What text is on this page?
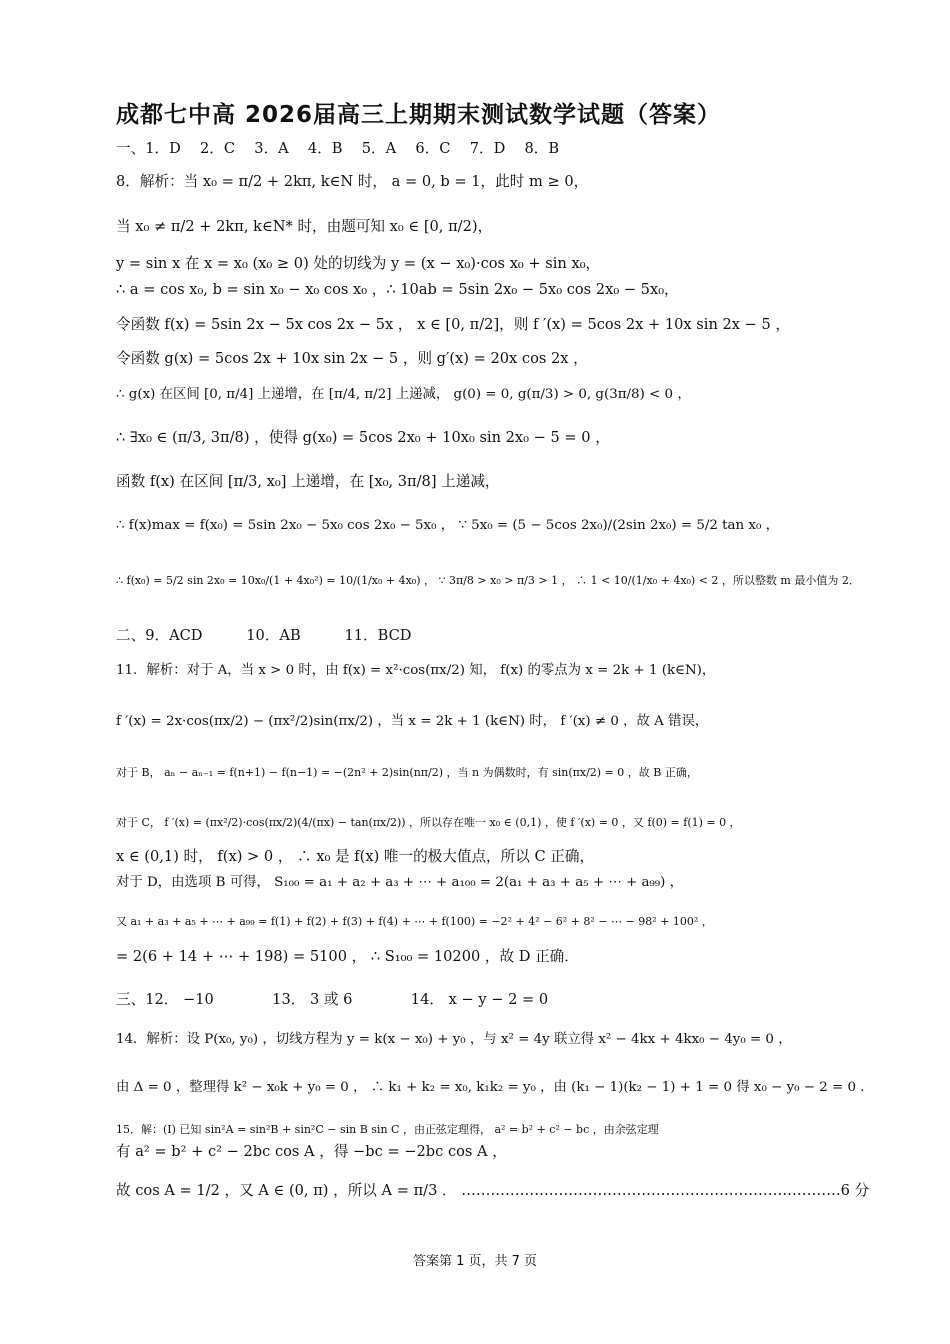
成都七中高 2026届高三上期期末测试数学试题（答案）
一、1．D　 2．C　 3．A　 4．B　 5．A　 6．C　 7．D　 8．B
8．解析：当 x₀ = π/2 + 2kπ, k∈N 时， a = 0, b = 1，此时 m ≥ 0，
当 x₀ ≠ π/2 + 2kπ, k∈N* 时，由题可知 x₀ ∈ [0, π/2)，
y = sin x 在 x = x₀ (x₀ ≥ 0) 处的切线为 y = (x − x₀)·cos x₀ + sin x₀，
∴ a = cos x₀, b = sin x₀ − x₀ cos x₀ ，∴ 10ab = 5sin 2x₀ − 5x₀ cos 2x₀ − 5x₀，
令函数 f(x) = 5sin 2x − 5x cos 2x − 5x ， x ∈ [0, π/2]，则 f ′(x) = 5cos 2x + 10x sin 2x − 5 ，
令函数 g(x) = 5cos 2x + 10x sin 2x − 5 ，则 g′(x) = 20x cos 2x ，
∴ g(x) 在区间 [0, π/4] 上递增，在 [π/4, π/2] 上递减， g(0) = 0, g(π/3) > 0, g(3π/8) < 0 ，
∴ ∃x₀ ∈ (π/3, 3π/8) ，使得 g(x₀) = 5cos 2x₀ + 10x₀ sin 2x₀ − 5 = 0 ，
函数 f(x) 在区间 [π/3, x₀] 上递增，在 [x₀, 3π/8] 上递减，
∴ f(x)max = f(x₀) = 5sin 2x₀ − 5x₀ cos 2x₀ − 5x₀ ， ∵ 5x₀ = (5 − 5cos 2x₀)/(2sin 2x₀) = 5/2 tan x₀ ，
∴ f(x₀) = 5/2 sin 2x₀ = 10x₀/(1 + 4x₀²) = 10/(1/x₀ + 4x₀) ， ∵ 3π/8 > x₀ > π/3 > 1 ， ∴ 1 < 10/(1/x₀ + 4x₀) < 2 ，所以整数 m 最小值为 2．
二、9．ACD　　　10．AB　　　11．BCD
11．解析：对于 A，当 x > 0 时，由 f(x) = x²·cos(πx/2) 知， f(x) 的零点为 x = 2k + 1 (k∈N)，
f ′(x) = 2x·cos(πx/2) − (πx²/2)sin(πx/2) ，当 x = 2k + 1 (k∈N) 时， f ′(x) ≠ 0 ，故 A 错误，
对于 B， aₙ − aₙ₋₁ = f(n+1) − f(n−1) = −(2n² + 2)sin(nπ/2) ，当 n 为偶数时，有 sin(πx/2) = 0 ，故 B 正确，
对于 C， f ′(x) = (πx²/2)·cos(πx/2)(4/(πx) − tan(πx/2)) ，所以存在唯一 x₀ ∈ (0,1) ，使 f ′(x) = 0 ，又 f(0) = f(1) = 0 ，
x ∈ (0,1) 时， f(x) > 0 ， ∴ x₀ 是 f(x) 唯一的极大值点，所以 C 正确，
对于 D，由选项 B 可得， S₁₀₀ = a₁ + a₂ + a₃ + ⋯ + a₁₀₀ = 2(a₁ + a₃ + a₅ + ⋯ + a₉₉) ，
又 a₁ + a₃ + a₅ + ⋯ + a₉₉ = f(1) + f(2) + f(3) + f(4) + ⋯ + f(100) = −2² + 4² − 6² + 8² − ⋯ − 98² + 100² ，
= 2(6 + 14 + ⋯ + 198) = 5100 ， ∴ S₁₀₀ = 10200 ，故 D 正确．
三、12． −10　　　　13． 3 或 6　　　　14． x − y − 2 = 0
14．解析：设 P(x₀, y₀) ，切线方程为 y = k(x − x₀) + y₀ ，与 x² = 4y 联立得 x² − 4kx + 4kx₀ − 4y₀ = 0 ，
由 Δ = 0 ，整理得 k² − x₀k + y₀ = 0 ， ∴ k₁ + k₂ = x₀, k₁k₂ = y₀ ，由 (k₁ − 1)(k₂ − 1) + 1 = 0 得 x₀ − y₀ − 2 = 0 ．
15．解：(I) 已知 sin²A = sin²B + sin²C − sin B sin C ，由正弦定理得， a² = b² + c² − bc ，由余弦定理
有 a² = b² + c² − 2bc cos A ，得 −bc = −2bc cos A ，
故 cos A = 1/2 ，又 A ∈ (0, π) ，所以 A = π/3 ． ……………………………………………………………………6 分
答案第 1 页，共 7 页
